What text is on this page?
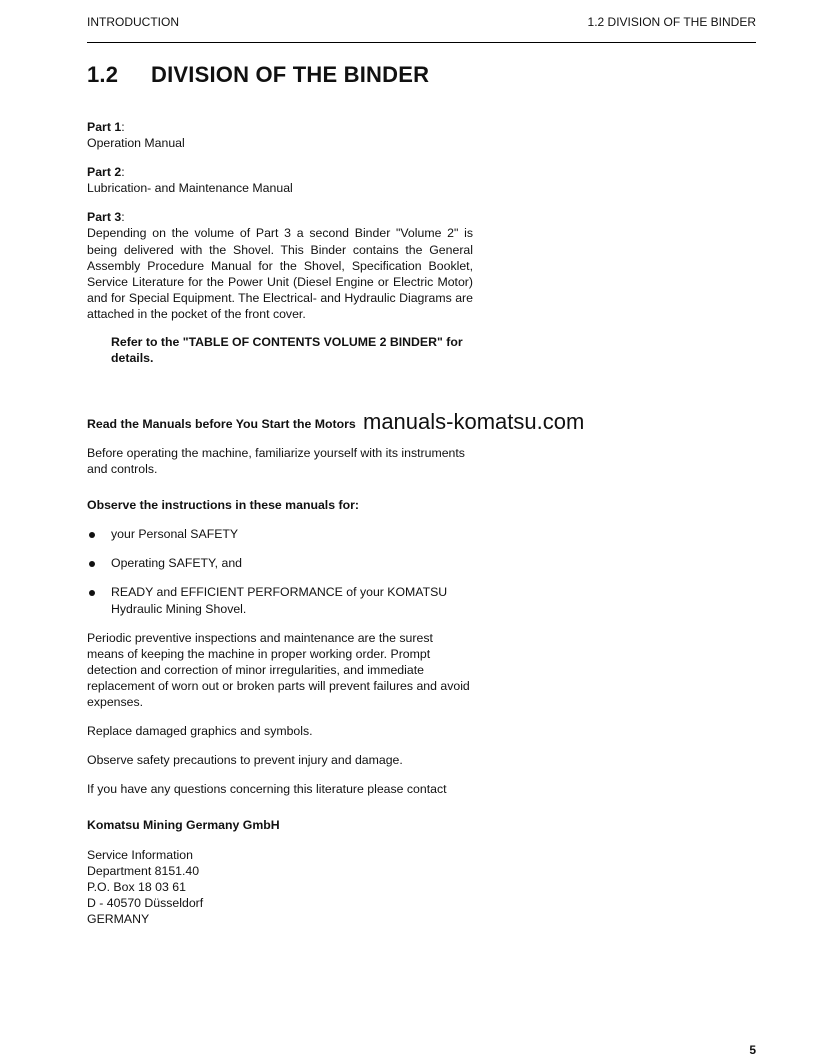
INTRODUCTION	1.2 DIVISION OF THE BINDER
1.2 DIVISION OF THE BINDER

Part 1:

Operation Manual

Part 2:

Lubrication- and Maintenance Manual

Part 3:

Depending on the volume of Part 3 a second Binder "Volume 2" is being delivered with the Shovel. This Binder contains the General Assembly Procedure Manual for the Shovel, Specification Booklet, Service Literature for the Power Unit (Diesel Engine or Electric Motor) and for Special Equipment. The Electrical- and Hydraulic Diagrams are attached in the pocket of the front cover.

Refer to the "TABLE OF CONTENTS VOLUME 2 BINDER" for details.

Read the Manuals before You Start the Motors manuals-komatsu.com

Before operating the machine, familiarize yourself with its instruments and controls.

Observe the instructions in these manuals for:

your Personal SAFETY

Operating SAFETY, and

READY and EFFICIENT PERFORMANCE of your KOMATSU Hydraulic Mining Shovel.

Periodic preventive inspections and maintenance are the surest means of keeping the machine in proper working order. Prompt detection and correction of minor irregularities, and immediate replacement of worn out or broken parts will prevent failures and avoid expenses.

Replace damaged graphics and symbols.

Observe safety precautions to prevent injury and damage.

If you have any questions concerning this literature please contact

Komatsu Mining Germany GmbH

Service Information

Department 8151.40

P.O. Box 18 03 61

D - 40570 Düsseldorf

GERMANY

5
